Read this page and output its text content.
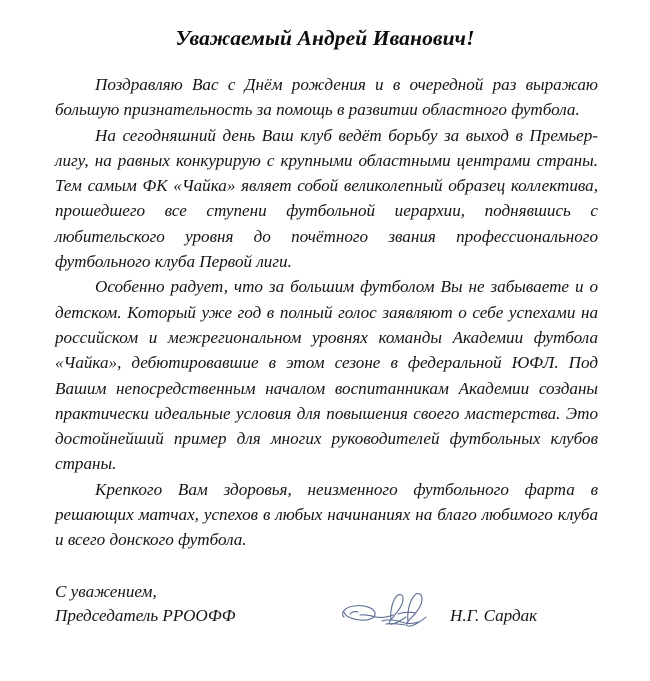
Уважаемый Андрей Иванович!

Поздравляю Вас с Днём рождения и в очередной раз выражаю большую признательность за помощь в развитии областного футбола.

На сегодняшний день Ваш клуб ведёт борьбу за выход в Премьер-лигу, на равных конкурирую с крупными областными центрами страны. Тем самым ФК «Чайка» являет собой великолепный образец коллектива, прошедшего все ступени футбольной иерархии, поднявшись с любительского уровня до почётного звания профессионального футбольного клуба Первой лиги.

Особенно радует, что за большим футболом Вы не забываете и о детском. Который уже год в полный голос заявляют о себе успехами на российском и межрегиональном уровнях команды Академии футбола «Чайка», дебютировавшие в этом сезоне в федеральной ЮФЛ. Под Вашим непосредственным началом воспитанникам Академии созданы практически идеальные условия для повышения своего мастерства. Это достойнейший пример для многих руководителей футбольных клубов страны.

Крепкого Вам здоровья, неизменного футбольного фарта в решающих матчах, успехов в любых начинаниях на благо любимого клуба и всего донского футбола.

С уважением,
Председатель РРООФФ	Н.Г. Сардак
